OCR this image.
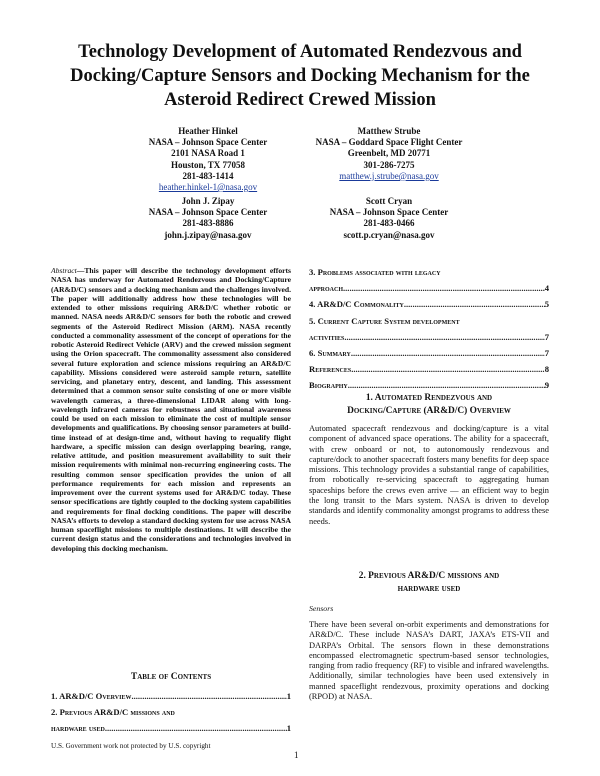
Technology Development of Automated Rendezvous and Docking/Capture Sensors and Docking Mechanism for the Asteroid Redirect Crewed Mission
Heather Hinkel
NASA – Johnson Space Center
2101 NASA Road 1
Houston, TX 77058
281-483-1414
heather.hinkel-1@nasa.gov
Matthew Strube
NASA – Goddard Space Flight Center
Greenbelt, MD 20771
301-286-7275
matthew.j.strube@nasa.gov
John J. Zipay
NASA – Johnson Space Center
281-483-8886
john.j.zipay@nasa.gov
Scott Cryan
NASA – Johnson Space Center
281-483-0466
scott.p.cryan@nasa.gov
Abstract—This paper will describe the technology development efforts NASA has underway for Automated Rendezvous and Docking/Capture (AR&D/C) sensors and a docking mechanism and the challenges involved. The paper will additionally address how these technologies will be extended to other missions requiring AR&D/C whether robotic or manned. NASA needs AR&D/C sensors for both the robotic and crewed segments of the Asteroid Redirect Mission (ARM). NASA recently conducted a commonality assessment of the concept of operations for the robotic Asteroid Redirect Vehicle (ARV) and the crewed mission segment using the Orion spacecraft. The commonality assessment also considered several future exploration and science missions requiring an AR&D/C capability. Missions considered were asteroid sample return, satellite servicing, and planetary entry, descent, and landing. This assessment determined that a common sensor suite consisting of one or more visible wavelength cameras, a three-dimensional LIDAR along with long-wavelength infrared cameras for robustness and situational awareness could be used on each mission to eliminate the cost of multiple sensor developments and qualifications. By choosing sensor parameters at build-time instead of at design-time and, without having to requalify flight hardware, a specific mission can design overlapping bearing, range, relative attitude, and position measurement availability to suit their mission requirements with minimal non-recurring engineering costs. The resulting common sensor specification provides the union of all performance requirements for each mission and represents an improvement over the current systems used for AR&D/C today. These sensor specifications are tightly coupled to the docking system capabilities and requirements for final docking conditions. The paper will describe NASA’s efforts to develop a standard docking system for use across NASA human spaceflight missions to multiple destinations. It will describe the current design status and the considerations and technologies involved in developing this docking mechanism.
Table of Contents
1. AR&D/C Overview .....	1
2. Previous AR&D/C missions and
hardware used .....	1
3. Problems associated with legacy
approach .....	4
4. AR&D/C Commonality .....	5
5. Current Capture System development
activities .....	7
6. Summary .....	7
References .....	8
Biography .....	9
1. Automated Rendezvous and
Docking/Capture (AR&D/C) Overview
Automated spacecraft rendezvous and docking/capture is a vital component of advanced space operations. The ability for a spacecraft, with crew onboard or not, to autonomously rendezvous and capture/dock to another spacecraft fosters many benefits for deep space missions. This technology provides a substantial range of capabilities, from robotically re-servicing spacecraft to aggregating human spaceships before the crews even arrive — an efficient way to begin the long transit to the Mars system. NASA is driven to develop standards and identify commonality amongst programs to address these needs.
2. Previous AR&D/C missions and
hardware used
Sensors
There have been several on-orbit experiments and demonstrations for AR&D/C. These include NASA’s DART, JAXA’s ETS-VII and DARPA’s Orbital. The sensors flown in these demonstrations encompassed electromagnetic spectrum-based sensor technologies, ranging from radio frequency (RF) to visible and infrared wavelengths. Additionally, similar technologies have been used extensively in manned spaceflight rendezvous, proximity operations and docking (RPOD) at NASA.
U.S. Government work not protected by U.S. copyright
1
